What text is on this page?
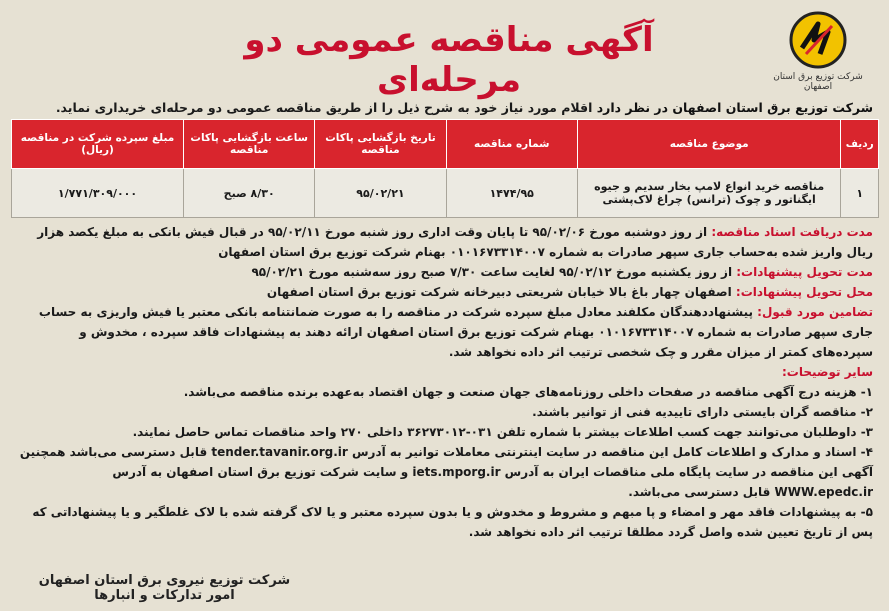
شرکت توزیع برق استان اصفهان
آگهی مناقصه عمومی دو مرحله‌ای
شرکت توزیع برق استان اصفهان در نظر دارد اقلام مورد نیاز خود به شرح ذیل را از طریق مناقصه عمومی دو مرحله‌ای خریداری نماید.
ردیف	موضوع مناقصه	شماره مناقصه	تاریخ بازگشایی پاکات مناقصه	ساعت بازگشایی پاکات مناقصه	مبلغ سپرده شرکت در مناقصه (ریال)
۱	مناقصه خرید انواع لامپ بخار سدیم و جیوه ایگناتور و چوک (ترانس) چراغ لاک‌پشتی	۱۴۷۴/۹۵	۹۵/۰۲/۲۱	۸/۳۰ صبح	۱/۷۷۱/۳۰۹/۰۰۰

مدت دریافت اسناد مناقصه: از روز دوشنبه مورخ ۹۵/۰۲/۰۶ تا پایان وقت اداری روز شنبه مورخ ۹۵/۰۲/۱۱ در قبال فیش بانکی به مبلغ یکصد هزار ریال واریز شده به‌حساب جاری سپهر صادرات به شماره ۰۱۰۱۶۷۳۳۱۴۰۰۷ بهنام شرکت توزیع برق استان اصفهان

مدت تحویل پیشنهادات: از روز یکشنبه مورخ ۹۵/۰۲/۱۲ لغایت ساعت ۷/۳۰ صبح روز سه‌شنبه مورخ ۹۵/۰۲/۲۱

محل تحویل پیشنهادات: اصفهان چهار باغ بالا خیابان شریعتی دبیرخانه شرکت توزیع برق استان اصفهان

تضامین مورد قبول: پیشنهاددهندگان مکلفند معادل مبلغ سپرده شرکت در مناقصه را به صورت ضمانتنامه بانکی معتبر یا فیش واریزی به حساب جاری سپهر صادرات به شماره ۰۱۰۱۶۷۳۳۱۴۰۰۷ بهنام شرکت توزیع برق استان اصفهان ارائه دهند به پیشنهادات فاقد سپرده ، مخدوش و سپرده‌های کمتر از میزان مقرر و چک شخصی ترتیب اثر داده نخواهد شد.

سایر توضیحات:

۱- هزینه درج آگهی مناقصه در صفحات داخلی روزنامه‌های جهان صنعت و جهان اقتصاد به‌عهده برنده مناقصه می‌باشد.

۲- مناقصه گران بایستی دارای تاییدیه فنی از توانیر باشند.

۳- داوطلبان می‌توانند جهت کسب اطلاعات بیشتر با شماره تلفن ۰۳۱-۳۶۲۷۳۰۱۲ داخلی ۲۷۰ واحد مناقصات تماس حاصل نمایند.

۴- اسناد و مدارک و اطلاعات کامل این مناقصه در سایت اینترنتی معاملات توانیر به آدرس tender.tavanir.org.ir قابل دسترسی می‌باشد همچنین آگهی این مناقصه در سایت پایگاه ملی مناقصات ایران به آدرس iets.mporg.ir و سایت شرکت توزیع برق استان اصفهان به آدرس WWW.epedc.ir قابل دسترسی می‌باشد.

۵- به پیشنهادات فاقد مهر و امضاء و پا مبهم و مشروط و مخدوش و یا بدون سپرده معتبر و یا لاک گرفته شده با لاک غلطگیر و یا پیشنهاداتی که پس از تاریخ تعیین شده واصل گردد مطلقا ترتیب اثر داده نخواهد شد.

شرکت توزیع نیروی برق استان اصفهان
امور تدارکات و انبارها
